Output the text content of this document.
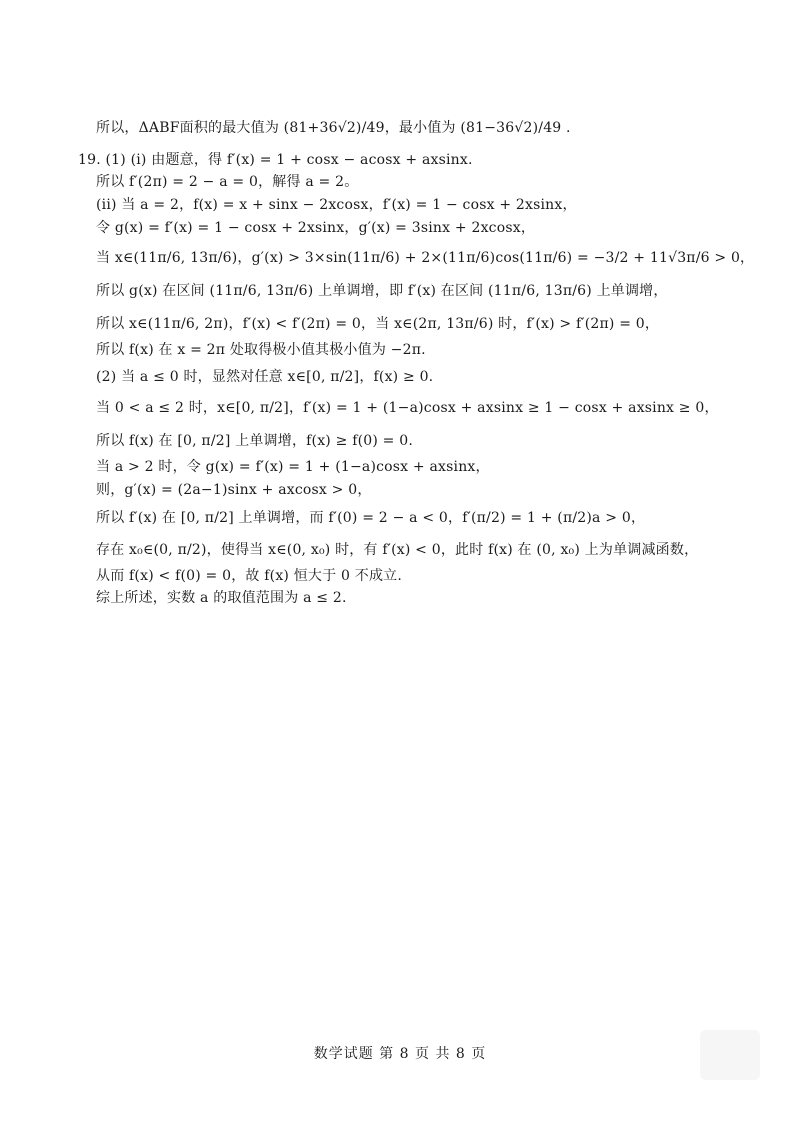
所以，ΔABF面积的最大值为 (81+36√2)/49，最小值为 (81−36√2)/49 .
19. (1) (i) 由题意，得 f′(x) = 1 + cosx − acosx + axsinx.
所以 f′(2π) = 2 − a = 0，解得 a = 2。
(ii) 当 a = 2，f(x) = x + sinx − 2xcosx，f′(x) = 1 − cosx + 2xsinx，
令 g(x) = f′(x) = 1 − cosx + 2xsinx，g′(x) = 3sinx + 2xcosx，
当 x∈(11π/6, 13π/6)，g′(x) > 3×sin(11π/6) + 2×(11π/6)cos(11π/6) = −3/2 + 11√3π/6 > 0，
所以 g(x) 在区间 (11π/6, 13π/6) 上单调增，即 f′(x) 在区间 (11π/6, 13π/6) 上单调增，
所以 x∈(11π/6, 2π)，f′(x) < f′(2π) = 0，当 x∈(2π, 13π/6) 时，f′(x) > f′(2π) = 0，
所以 f(x) 在 x = 2π 处取得极小值其极小值为 −2π.
(2) 当 a ≤ 0 时，显然对任意 x∈[0, π/2]，f(x) ≥ 0.
当 0 < a ≤ 2 时，x∈[0, π/2]，f′(x) = 1 + (1−a)cosx + axsinx ≥ 1 − cosx + axsinx ≥ 0，
所以 f(x) 在 [0, π/2] 上单调增，f(x) ≥ f(0) = 0.
当 a > 2 时，令 g(x) = f′(x) = 1 + (1−a)cosx + axsinx，
则，g′(x) = (2a−1)sinx + axcosx > 0，
所以 f′(x) 在 [0, π/2] 上单调增，而 f′(0) = 2 − a < 0，f′(π/2) = 1 + (π/2)a > 0，
存在 x₀∈(0, π/2)，使得当 x∈(0, x₀) 时，有 f′(x) < 0，此时 f(x) 在 (0, x₀) 上为单调减函数，
从而 f(x) < f(0) = 0，故 f(x) 恒大于 0 不成立.
综上所述，实数 a 的取值范围为 a ≤ 2.
数学试题 第 8 页 共 8 页
